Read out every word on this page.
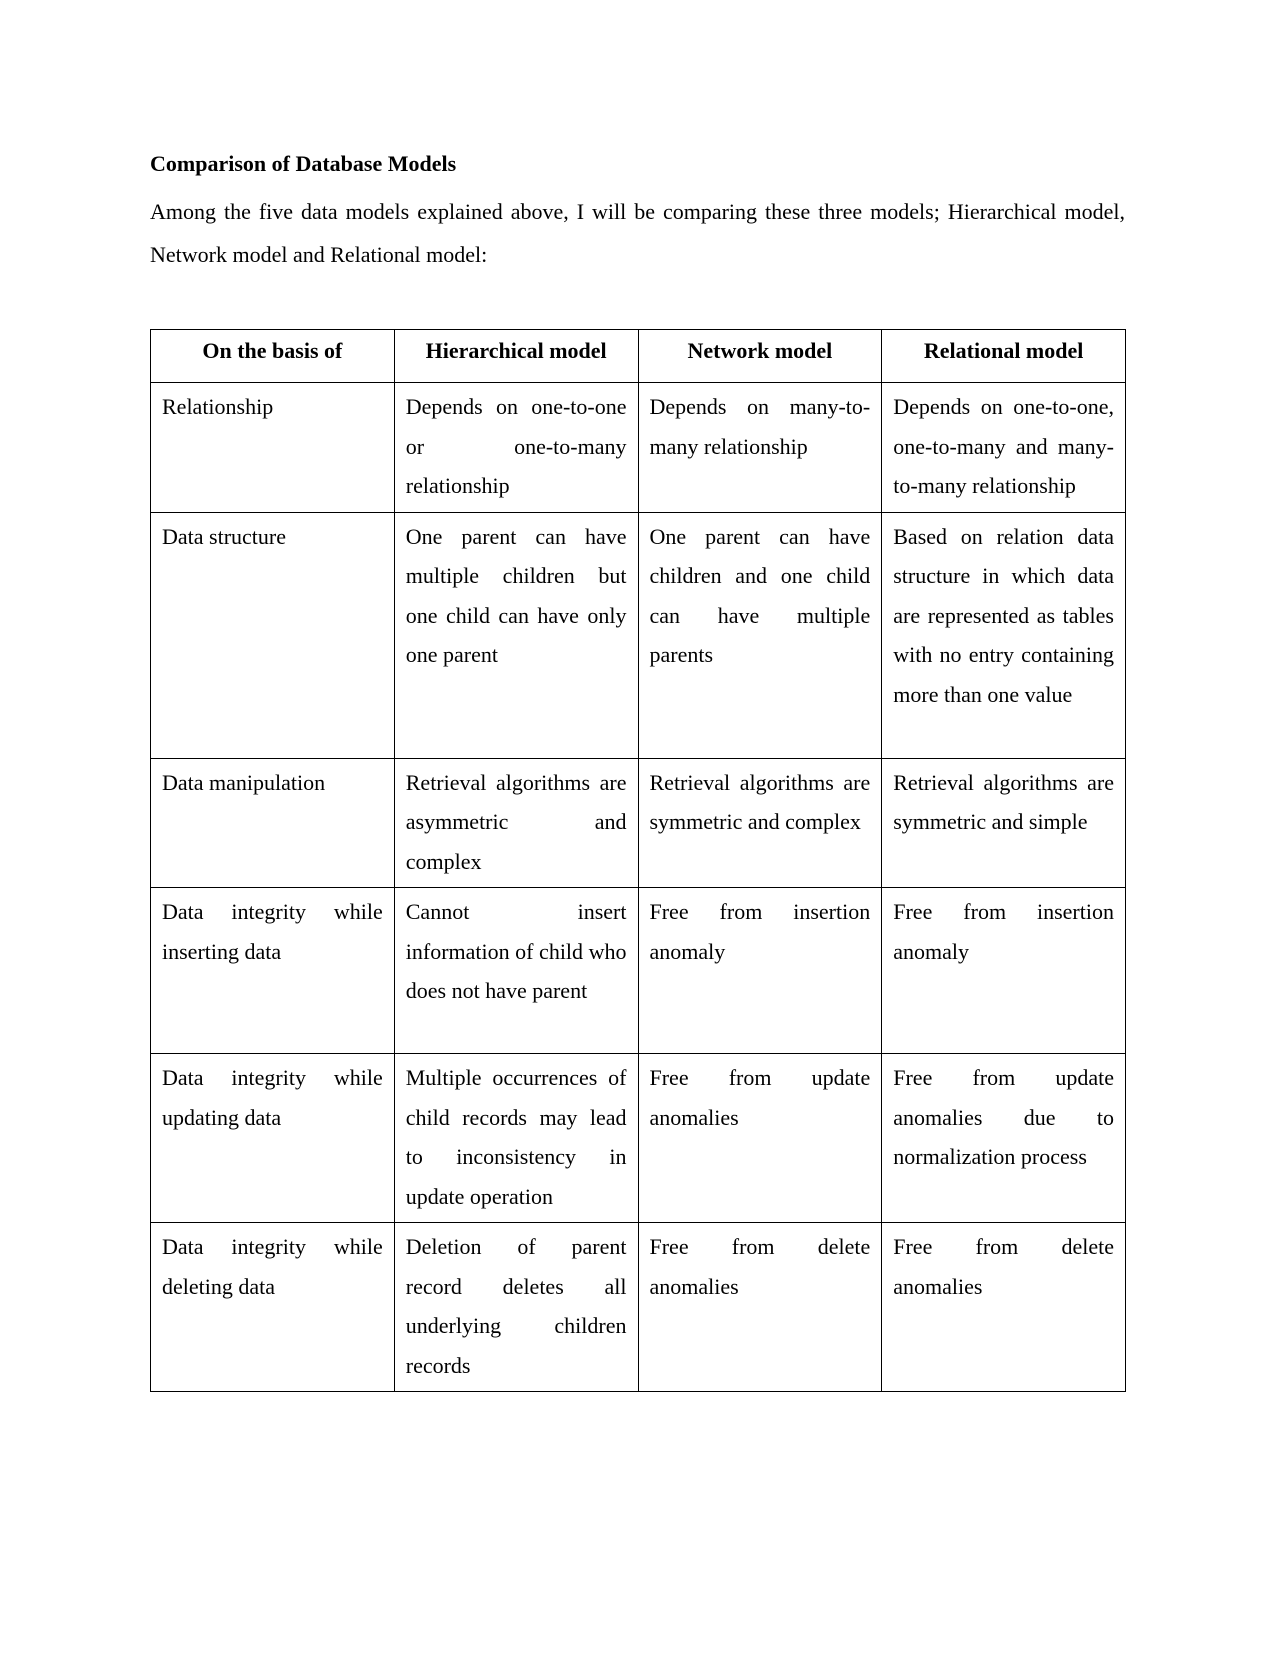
Comparison of Database Models

Among the five data models explained above, I will be comparing these three models; Hierarchical model, Network model and Relational model:

On the basis of	Hierarchical model	Network model	Relational model
Relationship	Depends on one-to-one or one-to-many relationship	Depends on many-to-many relationship	Depends on one-to-one, one-to-many and many-to-many relationship
Data structure	One parent can have multiple children but one child can have only one parent	One parent can have children and one child can have multiple parents	Based on relation data structure in which data are represented as tables with no entry containing more than one value
Data manipulation	Retrieval algorithms are asymmetric and complex	Retrieval algorithms are symmetric and complex	Retrieval algorithms are symmetric and simple
Data integrity while inserting data	Cannot insert information of child who does not have parent	Free from insertion anomaly	Free from insertion anomaly
Data integrity while updating data	Multiple occurrences of child records may lead to inconsistency in update operation	Free from update anomalies	Free from update anomalies due to normalization process
Data integrity while deleting data	Deletion of parent record deletes all underlying children records	Free from delete anomalies	Free from delete anomalies
